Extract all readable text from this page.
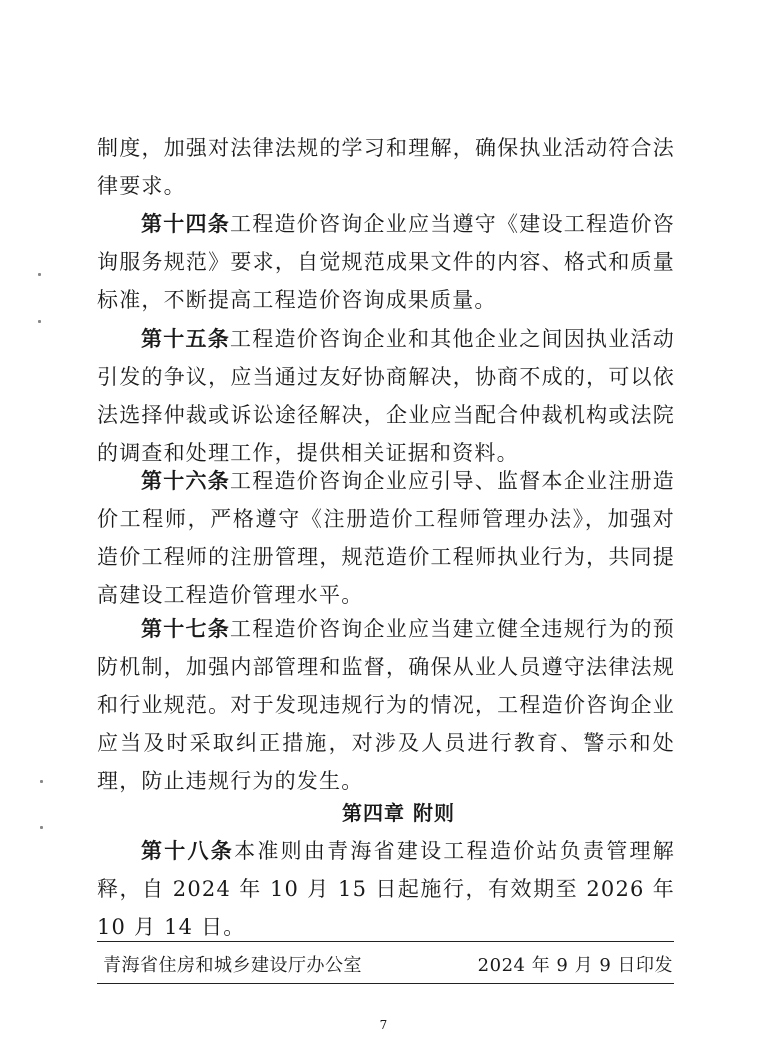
制度，加强对法律法规的学习和理解，确保执业活动符合法律要求。

第十四条工程造价咨询企业应当遵守《建设工程造价咨询服务规范》要求，自觉规范成果文件的内容、格式和质量标准，不断提高工程造价咨询成果质量。

第十五条工程造价咨询企业和其他企业之间因执业活动引发的争议，应当通过友好协商解决，协商不成的，可以依法选择仲裁或诉讼途径解决，企业应当配合仲裁机构或法院的调查和处理工作，提供相关证据和资料。

第十六条工程造价咨询企业应引导、监督本企业注册造价工程师，严格遵守《注册造价工程师管理办法》，加强对造价工程师的注册管理，规范造价工程师执业行为，共同提高建设工程造价管理水平。

第十七条工程造价咨询企业应当建立健全违规行为的预防机制，加强内部管理和监督，确保从业人员遵守法律法规和行业规范。对于发现违规行为的情况，工程造价咨询企业应当及时采取纠正措施，对涉及人员进行教育、警示和处理，防止违规行为的发生。

第四章 附则

第十八条本准则由青海省建设工程造价站负责管理解释，自 2024 年 10 月 15 日起施行，有效期至 2026 年 10 月 14 日。

青海省住房和城乡建设厅办公室	2024 年 9 月 9 日印发
7
